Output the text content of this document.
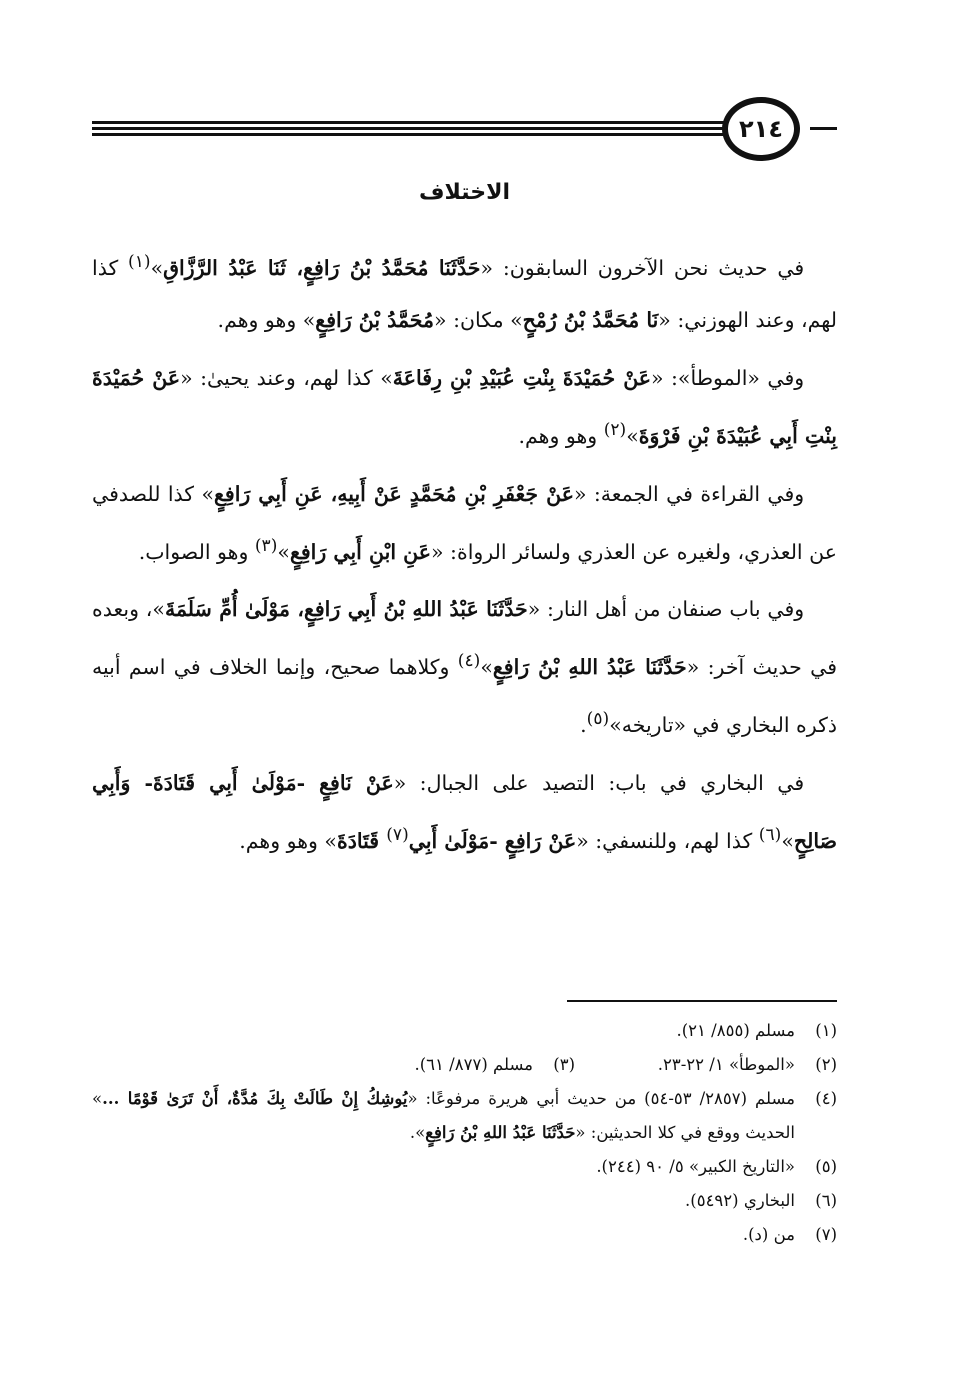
٢١٤
الاختلاف

في حديث نحن الآخرون السابقون: «حَدَّثَنَا مُحَمَّدُ بْنُ رَافِعٍ، ثَنَا عَبْدُ الرَّزَّاقِ»$^{(١)}$ كذا لهم، وعند الهوزني: «نَا مُحَمَّدُ بْنُ رُمْحٍ» مكان: «مُحَمَّدُ بْنُ رَافِعٍ» وهو وهم.

وفي «الموطأ»: «عَنْ حُمَيْدَةَ بِنْتِ عُبَيْدِ بْنِ رِفَاعَةَ» كذا لهم، وعند يحيىٰ: «عَنْ حُمَيْدَةَ بِنْتِ أَبِي عُبَيْدَةَ بْنِ فَرْوَةَ»$^{(٢)}$ وهو وهم.

وفي القراءة في الجمعة: «عَنْ جَعْفَرِ بْنِ مُحَمَّدٍ عَنْ أَبِيهِ، عَنِ أَبِي رَافِعٍ» كذا للصدفي عن العذري، ولغيره عن العذري ولسائر الرواة: «عَنِ ابْنِ أَبِي رَافِعٍ»$^{(٣)}$ وهو الصواب.

وفي باب صنفان من أهل النار: «حَدَّثَنَا عَبْدُ اللهِ بْنُ أَبِي رَافِعٍ، مَوْلَىٰ أُمِّ سَلَمَةَ»، وبعده في حديث آخر: «حَدَّثَنَا عَبْدُ اللهِ بْنُ رَافِعٍ»$^{(٤)}$ وكلاهما صحيح، وإنما الخلاف في اسم أبيه ذكره البخاري في «تاريخه»$^{(٥)}$.

في البخاري في باب: التصيد على الجبال: «عَنْ نَافِعٍ -مَوْلَىٰ أَبِي قَتَادَةَ- وَأَبِي صَالِحٍ»$^{(٦)}$ كذا لهم، وللنسفي: «عَنْ رَافِعٍ -مَوْلَىٰ أَبِي$^{(٧)}$ قَتَادَةَ» وهو وهم.

(١)
مسلم (٨٥٥/ ٢١).
(٢)
«الموطأ» ١/ ٢٢-٢٣.
(٣)
مسلم (٨٧٧/ ٦١).
(٤)
مسلم (٢٨٥٧/ ٥٣-٥٤) من حديث أبي هريرة مرفوعًا: «يُوشِكُ إِنْ طَالَتْ بِكَ مُدَّةٌ، أَنْ تَرَىٰ قَوْمًا ...» الحديث ووقع في كلا الحديثين: «حَدَّثَنَا عَبْدُ اللهِ بْنُ رَافِعٍ».
(٥)
«التاريخ الكبير» ٥/ ٩٠ (٢٤٤).
(٦)
البخاري (٥٤٩٢).
(٧)
من (د).
